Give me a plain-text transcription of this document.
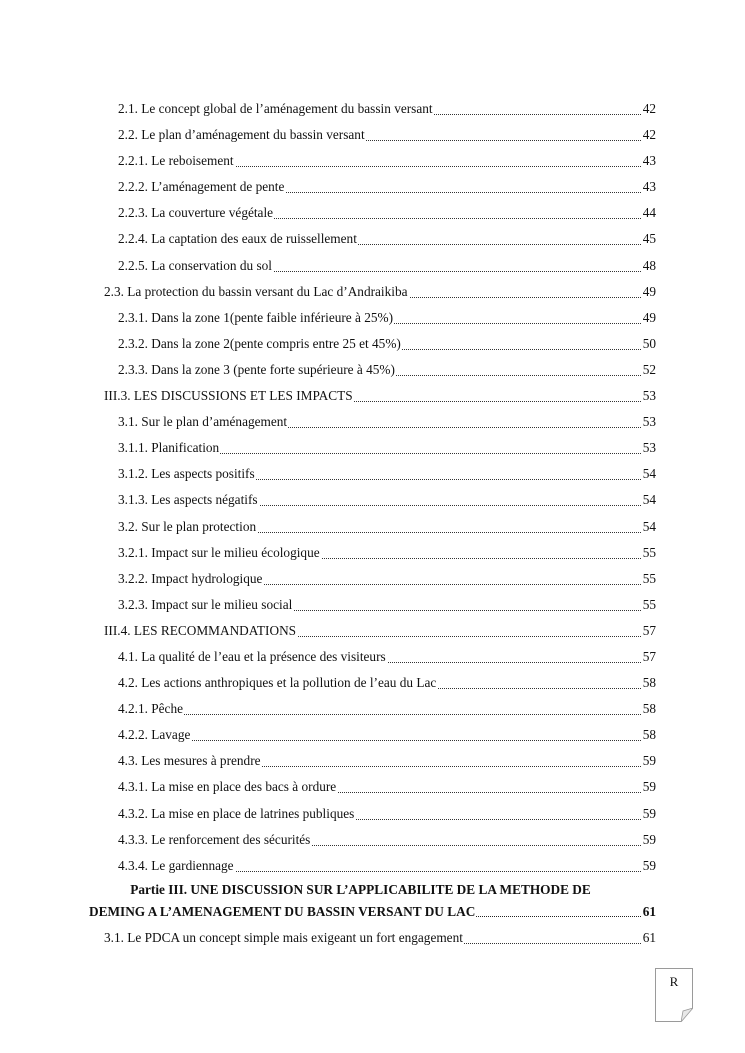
2.1. Le concept global de l’aménagement du bassin versant	42
2.2. Le plan d’aménagement du bassin versant	42
2.2.1. Le reboisement	43
2.2.2. L’aménagement de pente	43
2.2.3. La couverture végétale	44
2.2.4. La captation des eaux de ruissellement	45
2.2.5. La conservation du sol	48
2.3. La protection du bassin versant du Lac d’Andraikiba	49
2.3.1. Dans la zone 1(pente faible inférieure à 25%)	49
2.3.2. Dans la zone 2(pente compris entre 25 et 45%)	50
2.3.3. Dans la zone 3 (pente forte supérieure à 45%)	52
III.3. LES DISCUSSIONS ET LES IMPACTS	53
3.1. Sur le plan d’aménagement	53
3.1.1. Planification	53
3.1.2. Les aspects positifs	54
3.1.3. Les aspects négatifs	54
3.2. Sur le plan protection	54
3.2.1. Impact sur le milieu écologique	55
3.2.2. Impact hydrologique	55
3.2.3. Impact sur le milieu social	55
III.4. LES RECOMMANDATIONS	57
4.1. La qualité de l’eau et la présence des visiteurs	57
4.2. Les actions anthropiques et la pollution de l’eau du Lac	58
4.2.1. Pêche	58
4.2.2. Lavage	58
4.3. Les mesures à prendre	59
4.3.1. La mise en place des bacs à ordure	59
4.3.2. La mise en place de latrines publiques	59
4.3.3. Le renforcement des sécurités	59
4.3.4. Le gardiennage	59
Partie III. UNE DISCUSSION SUR L’APPLICABILITE DE LA METHODE DE
DEMING A L’AMENAGEMENT DU BASSIN VERSANT DU LAC	61
3.1. Le PDCA un concept simple mais exigeant un fort engagement	61
R
